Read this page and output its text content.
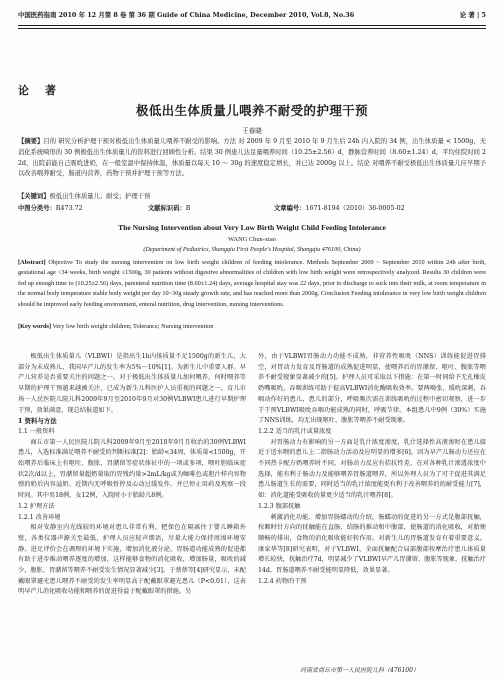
中国医药指南 2010 年 12 月第 8 卷 第 36 期 Guide of China Medicine, December 2010, Vol.8, No.36	论 著 | 5
论 著
极低出生体质量儿喂养不耐受的护理干预
王春晓
【摘要】目的 研究分析护理干预对极低出生体质量儿喂养不耐受的影响。方法 对 2009 年 9 月至 2010 年 9 月生后 24h 内入院的 34 例，出生体质量 < 1500g，无消化系统畸形的 30 例极低出生体质量儿的资料进行回顾性分析。结果 30 例患儿达足量喂养时间（10.25±2.56）d，静脉营养时间（8.60±1.24）d，平均住院时间 22d，出院前能自己吸吮进奶，在一般室温中保持体温，体质量以每天 10 ～ 30g 的速度稳定增长，并已达 2000g 以上。结论 对喂养不耐受极低出生体质量儿应早期予以改善喂养耐受，肠道内营养，药物干预并护理干预等方法。
【关键词】极低出生体质量儿；耐受；护理干预
中图分类号： R473.72	文献标识码： B	文章编号： 1671-8194（2010）36-0005-02
The Nursing Intervention about Very Low Birth Weight Child Feeding Intolerance
WANG Chun-xiao
(Department of Pediatrics, Shangqiu First People's Hospital, Shangqiu 476100, China)
[Abstract] Objective To study the nursing intervention on low birth weight children of feeding intolerance. Methods September 2009 ~ September 2010 within 24h after birth, gestational age <34 weeks, birth weight ≤1500g, 30 patients without digestive abnormalities of children with low birth weight were retrospectively analyzed. Results 30 children were fed up enough time to (10.25±2.56) days, parenteral nutrition time (8.60±1.24) days, average hospital stay was 22 days, prior to discharge to suck into their milk, at room temperature in the normal body temperature stable body weight per day 10~30g steady growth rate, and has reached more than 2000g. Conclusion Feeding intolerance in very low birth weight children should be improved early feeding environment, enteral nutrition, drug intervention, nursing interventions.
[Key words] Very low birth weight children; Tolerance; Nursing intervention

极低出生体质量儿（VLBWI）是指出生1h内体质量不足1500g的新生儿，大部分为未成熟儿，我国早产儿的发生率为5%～10%[1]。为新生儿中重要人群。早产儿营养是否重要关注的问题之一。对于极低出生体质量儿加何喂养，何时喂养等早期的护理干预越来越被关注，已成为新生儿科医护人员重视的问题之一，育儿市场一人民医院儿院儿科2009年9月至2010年9月对30例VLBWI患儿进行早期护理干预，效果满意，现总结报道如下。

1 资料与方法
1.1 一般资料

商丘市第一人民医院儿院儿科2009年9月至2010年9月且收治的30例VLBWI患儿，入选标准满足喂养不耐受的判断标准[2]：胎龄<34周，体质量<1500g，开始喂养后临床上有呕吐、腹胀、胃潴留等症状体征中的一项或多项，喂吐胆临床症状2次/d以上，胃潴留量超奶量取的胃残约量>2mL/kg或为咖啡色或胆汁样内容物弹的奶后内容溢奶。近期内无呼吸暂停及心动过缓发作，并已停止用药及观察一段时间。其中男18例，女12例，入院时小于胎龄儿8例。

1.2 护理方法
1.2.1 改善环境

相对安静室内光线较的环境对患儿非常有利。把保色在隔离住于婴儿睡箱外壁，各类仪器声源关至最低，护理人员应轻声细语，尽量大能力保持周围环境安静。进足评价会在调理的环境下实施，增加消化液分泌，胃肠道功能成熟的促进都有助于进步推动喂养逐度的增加。这样能够食物的消化吸收，增加肠量，吸吮的减少，腹胀、胃潴留等喂养不耐受发生情况显著减少[3]。于蔡蔡等[4]研究显示，未配戴眼罩避光患儿喂养不耐受的发生率明显高于配戴眼罩避光患儿（P<0.01），这表明早产儿消化吸收功能和喂养的促进得益于配戴眼罩的措施。另

外，由于VLBWI胃肠动力功能不成熟，非营养性吸吮（NNS）训练能促进胃排空，对胃动力发育及胃肠道的成熟促进明显，使喂养后的胃潴留、呕吐、腹胀等喂养不耐受现象显著减少的[5]。护理人员可采取以下措施：在第一时间给予无孔橡皮奶嘴吸吮，吞咽训练可助于提高VLBWI消化酶吸收效率。要两喝张，缓吮深刺，吞咽动作好的患儿，患儿的部分，呼吸频次需在训练吸吮的过程中密切观察，进一步干干预VLBWI吸吮吞咽功能成熟的同时，呼吸节律。本组患儿中9例（30%）实施了NNS训练，均无出现呕吐、腹胀等喂养不耐受现象。

1.2.2 适当的乳汁或量浓度

对胃肠动力有影响的另一方面是乳汁浓度渗度，乳汁选择性高液渗时在患儿接近于适水喂的患儿上二指肠动力活动及应明显的增多[6]。因为早产儿肠动力还应在不同热卡配方奶喂养时不同，对肠动力反应有拮抗性差，在对各种乳汁渗透浓度中选择，能有利于肠动力及能够喂养胃肠道喂养，所以外理人员为了可干促进其满足患儿肠道生长的需要，同时适当的乳汁浓度能更有利于改善喂养的的耐受能力[7]，如：消化道能受吸收的量更少适当的乳汁喂养[8]。

1.2.3 腹部抚触

刺激消化功能、增加胃肠蠕动的介绍，肠蠕动的促进的另一方式是腹部抚触，按顺时针方向的抚触能在直肠、结肠的推动和中腹部，使肠道的消化吸收，对胎便顺畅的排出，食物的消化吸收能好转作用。对新生儿的胃肠道发育有着重要意义。康家华等[8]研究表明，对于VLBWI，全面抚触配合局部腹部按摩治疗患儿体质量增长较快，抚触治疗7d，明显减少了VLBWI早产儿胃潴留、腹胀等现象，抚触治疗14d，胃肠道喂养不耐受能明显降低，效果显著。

1.2.4 药物的干预
河南省商丘市第一人民医院儿科（476100）
